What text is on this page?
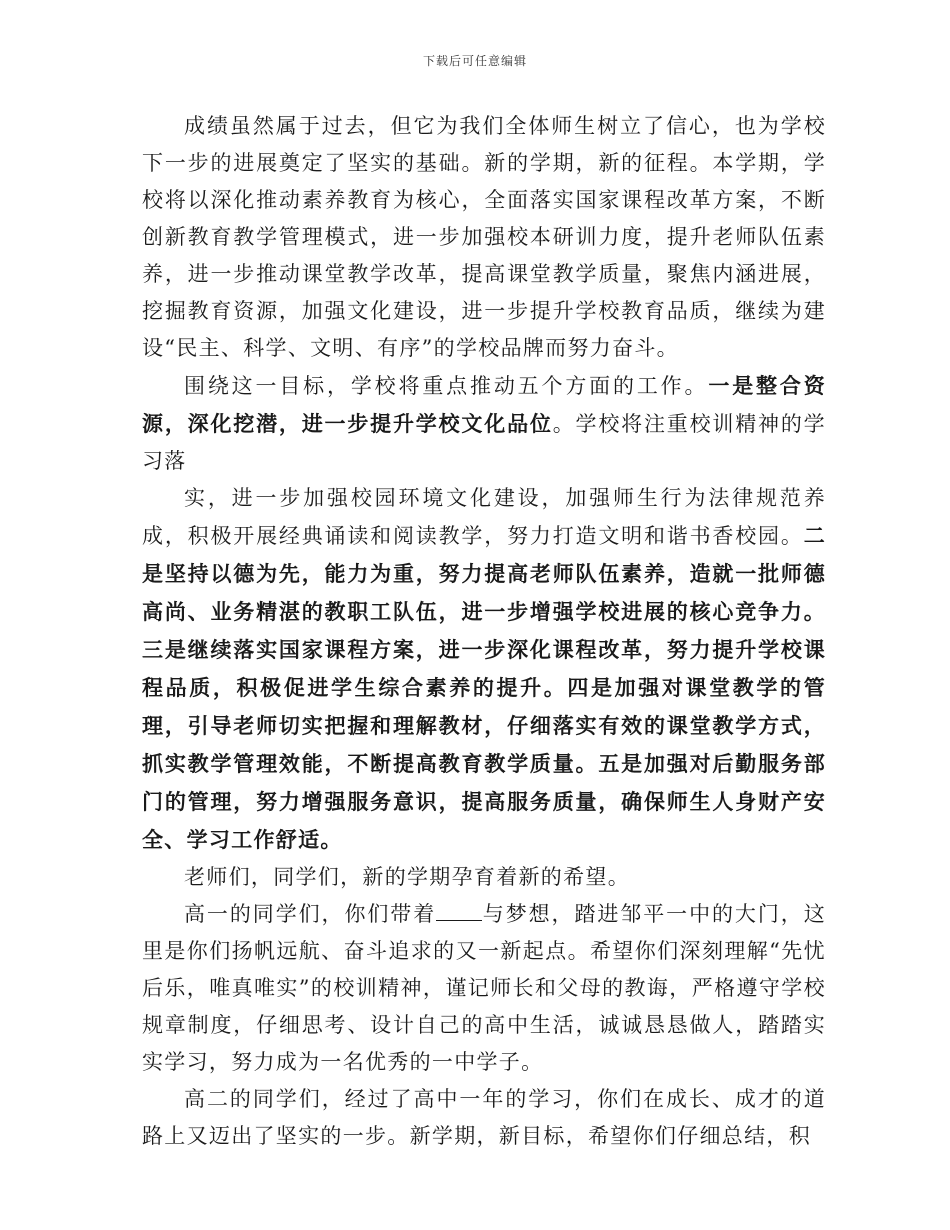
下载后可任意编辑

成绩虽然属于过去，但它为我们全体师生树立了信心，也为学校下一步的进展奠定了坚实的基础。新的学期，新的征程。本学期，学校将以深化推动素养教育为核心，全面落实国家课程改革方案，不断创新教育教学管理模式，进一步加强校本研训力度，提升老师队伍素养，进一步推动课堂教学改革，提高课堂教学质量，聚焦内涵进展，挖掘教育资源，加强文化建设，进一步提升学校教育品质，继续为建设“民主、科学、文明、有序”的学校品牌而努力奋斗。

围绕这一目标，学校将重点推动五个方面的工作。一是整合资源，深化挖潜，进一步提升学校文化品位。学校将注重校训精神的学习落

实，进一步加强校园环境文化建设，加强师生行为法律规范养成，积极开展经典诵读和阅读教学，努力打造文明和谐书香校园。二是坚持以德为先，能力为重，努力提高老师队伍素养，造就一批师德高尚、业务精湛的教职工队伍，进一步增强学校进展的核心竞争力。三是继续落实国家课程方案，进一步深化课程改革，努力提升学校课程品质，积极促进学生综合素养的提升。四是加强对课堂教学的管理，引导老师切实把握和理解教材，仔细落实有效的课堂教学方式，抓实教学管理效能，不断提高教育教学质量。五是加强对后勤服务部门的管理，努力增强服务意识，提高服务质量，确保师生人身财产安全、学习工作舒适。

老师们，同学们，新的学期孕育着新的希望。

高一的同学们，你们带着 与梦想，踏进邹平一中的大门，这里是你们扬帆远航、奋斗追求的又一新起点。希望你们深刻理解“先忧后乐，唯真唯实”的校训精神，谨记师长和父母的教诲，严格遵守学校规章制度，仔细思考、设计自己的高中生活，诚诚恳恳做人，踏踏实实学习，努力成为一名优秀的一中学子。

高二的同学们，经过了高中一年的学习，你们在成长、成才的道路上又迈出了坚实的一步。新学期，新目标，希望你们仔细总结，积
